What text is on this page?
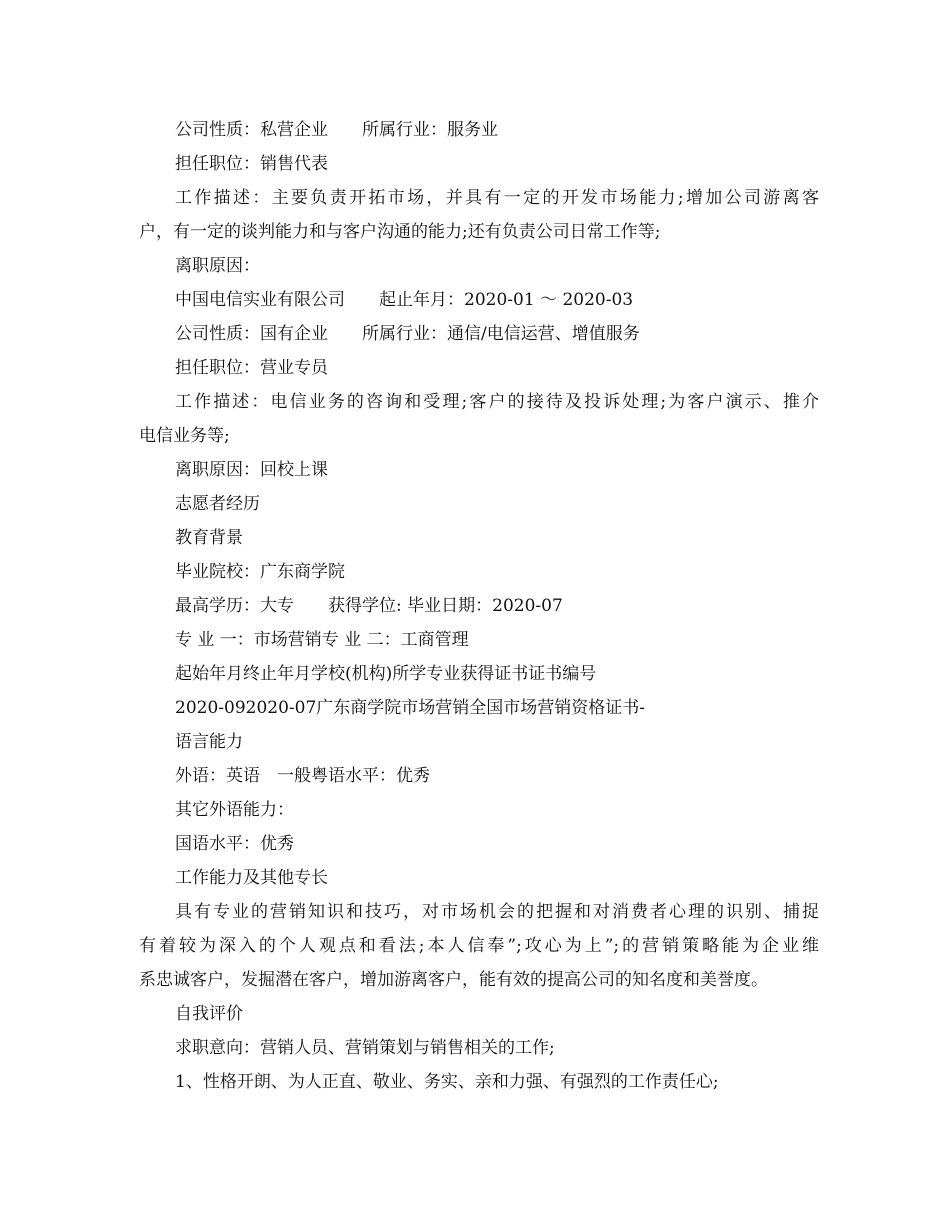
公司性质：私营企业　　所属行业：服务业
担任职位：销售代表
工作描述：主要负责开拓市场，并具有一定的开发市场能力;增加公司游离客
户，有一定的谈判能力和与客户沟通的能力;还有负责公司日常工作等;
离职原因：
中国电信实业有限公司　　起止年月：2020-01 ～ 2020-03
公司性质：国有企业　　所属行业：通信/电信运营、增值服务
担任职位：营业专员
工作描述：电信业务的咨询和受理;客户的接待及投诉处理;为客户演示、推介
电信业务等;
离职原因：回校上课
志愿者经历
教育背景
毕业院校：广东商学院
最高学历：大专　　获得学位: 毕业日期：2020-07
专 业 一：市场营销专 业 二：工商管理
起始年月终止年月学校(机构)所学专业获得证书证书编号
2020-092020-07广东商学院市场营销全国市场营销资格证书-
语言能力
外语：英语　一般粤语水平：优秀
其它外语能力：
国语水平：优秀
工作能力及其他专长
具有专业的营销知识和技巧，对市场机会的把握和对消费者心理的识别、捕捉
有着较为深入的个人观点和看法;本人信奉”;攻心为上”;的营销策略能为企业维
系忠诚客户，发掘潜在客户，增加游离客户，能有效的提高公司的知名度和美誉度。
自我评价
求职意向：营销人员、营销策划与销售相关的工作;
1、性格开朗、为人正直、敬业、务实、亲和力强、有强烈的工作责任心;
